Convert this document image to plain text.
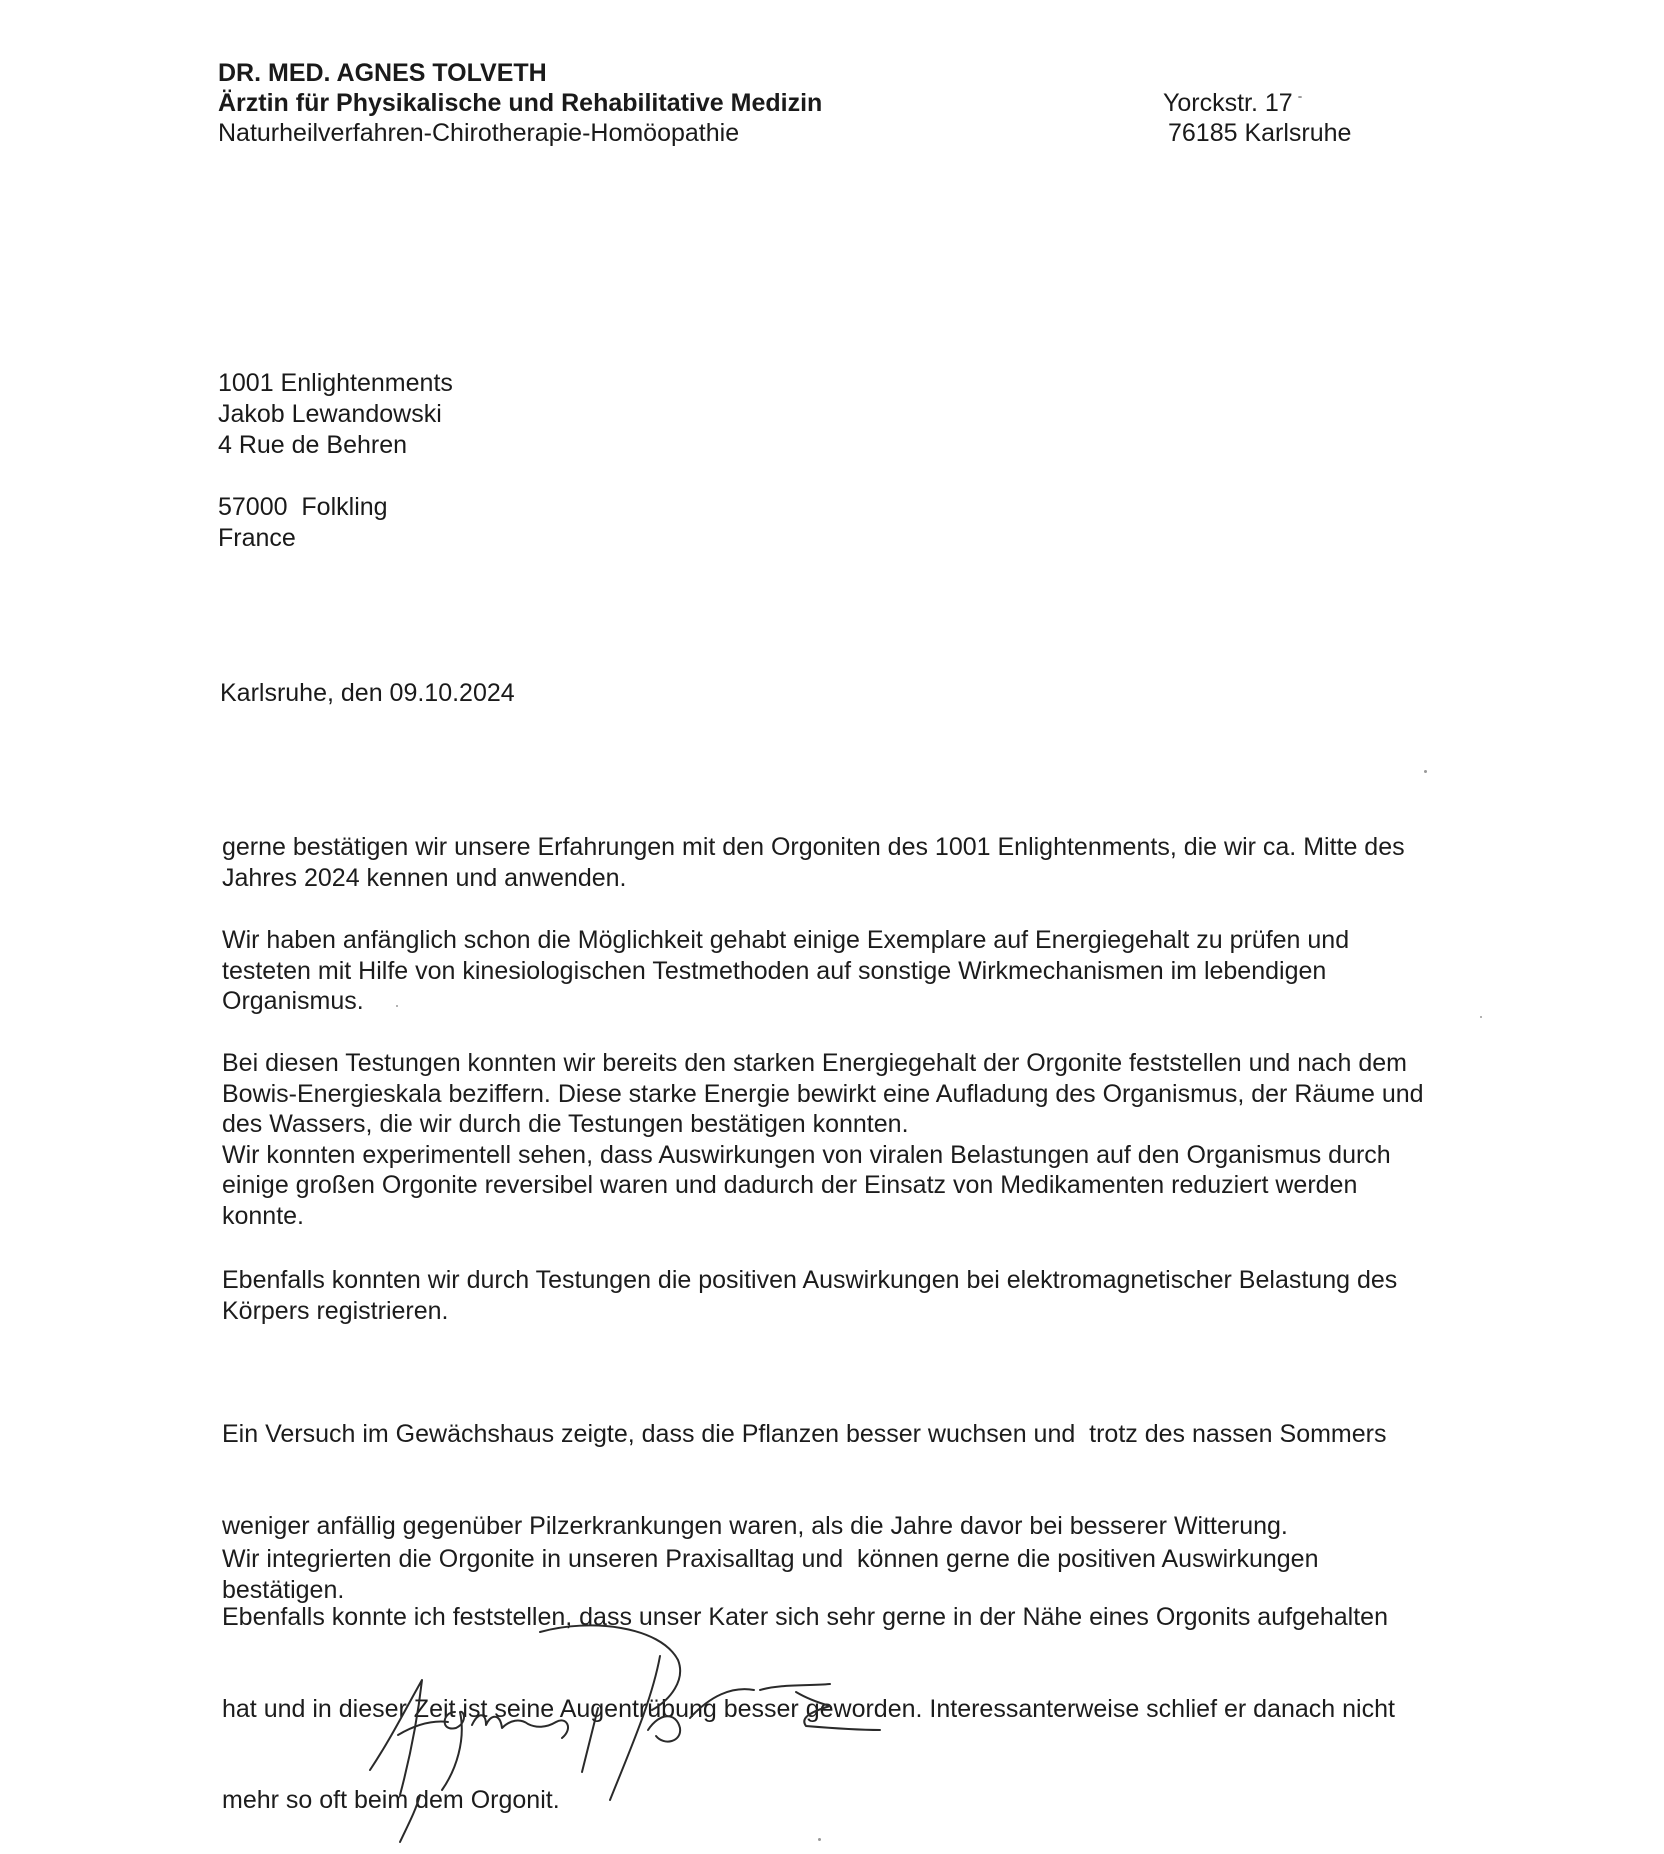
DR. MED. AGNES TOLVETH
Ärztin für Physikalische und Rehabilitative Medizin
Naturheilverfahren-Chirotherapie-Homöopathie
Yorckstr. 17
76185 Karlsruhe
1001 Enlightenments
Jakob Lewandowski
4 Rue de Behren
57000  Folkling
France
Karlsruhe, den 09.10.2024
gerne bestätigen wir unsere Erfahrungen mit den Orgoniten des 1001 Enlightenments, die wir ca. Mitte des
Jahres 2024 kennen und anwenden.
Wir haben anfänglich schon die Möglichkeit gehabt einige Exemplare auf Energiegehalt zu prüfen und
testeten mit Hilfe von kinesiologischen Testmethoden auf sonstige Wirkmechanismen im lebendigen
Organismus.
Bei diesen Testungen konnten wir bereits den starken Energiegehalt der Orgonite feststellen und nach dem
Bowis-Energieskala beziffern. Diese starke Energie bewirkt eine Aufladung des Organismus, der Räume und
des Wassers, die wir durch die Testungen bestätigen konnten.
Wir konnten experimentell sehen, dass Auswirkungen von viralen Belastungen auf den Organismus durch
einige großen Orgonite reversibel waren und dadurch der Einsatz von Medikamenten reduziert werden
konnte.
Ebenfalls konnten wir durch Testungen die positiven Auswirkungen bei elektromagnetischer Belastung des
Körpers registrieren.

Ein Versuch im Gewächshaus zeigte, dass die Pflanzen besser wuchsen und  trotz des nassen Sommers

weniger anfällig gegenüber Pilzerkrankungen waren, als die Jahre davor bei besserer Witterung.

Ebenfalls konnte ich feststellen, dass unser Kater sich sehr gerne in der Nähe eines Orgonits aufgehalten

hat und in dieser Zeit ist seine Augentrübung besser geworden. Interessanterweise schlief er danach nicht

mehr so oft beim dem Orgonit.

Wir integrierten die Orgonite in unseren Praxisalltag und  können gerne die positiven Auswirkungen
bestätigen.
